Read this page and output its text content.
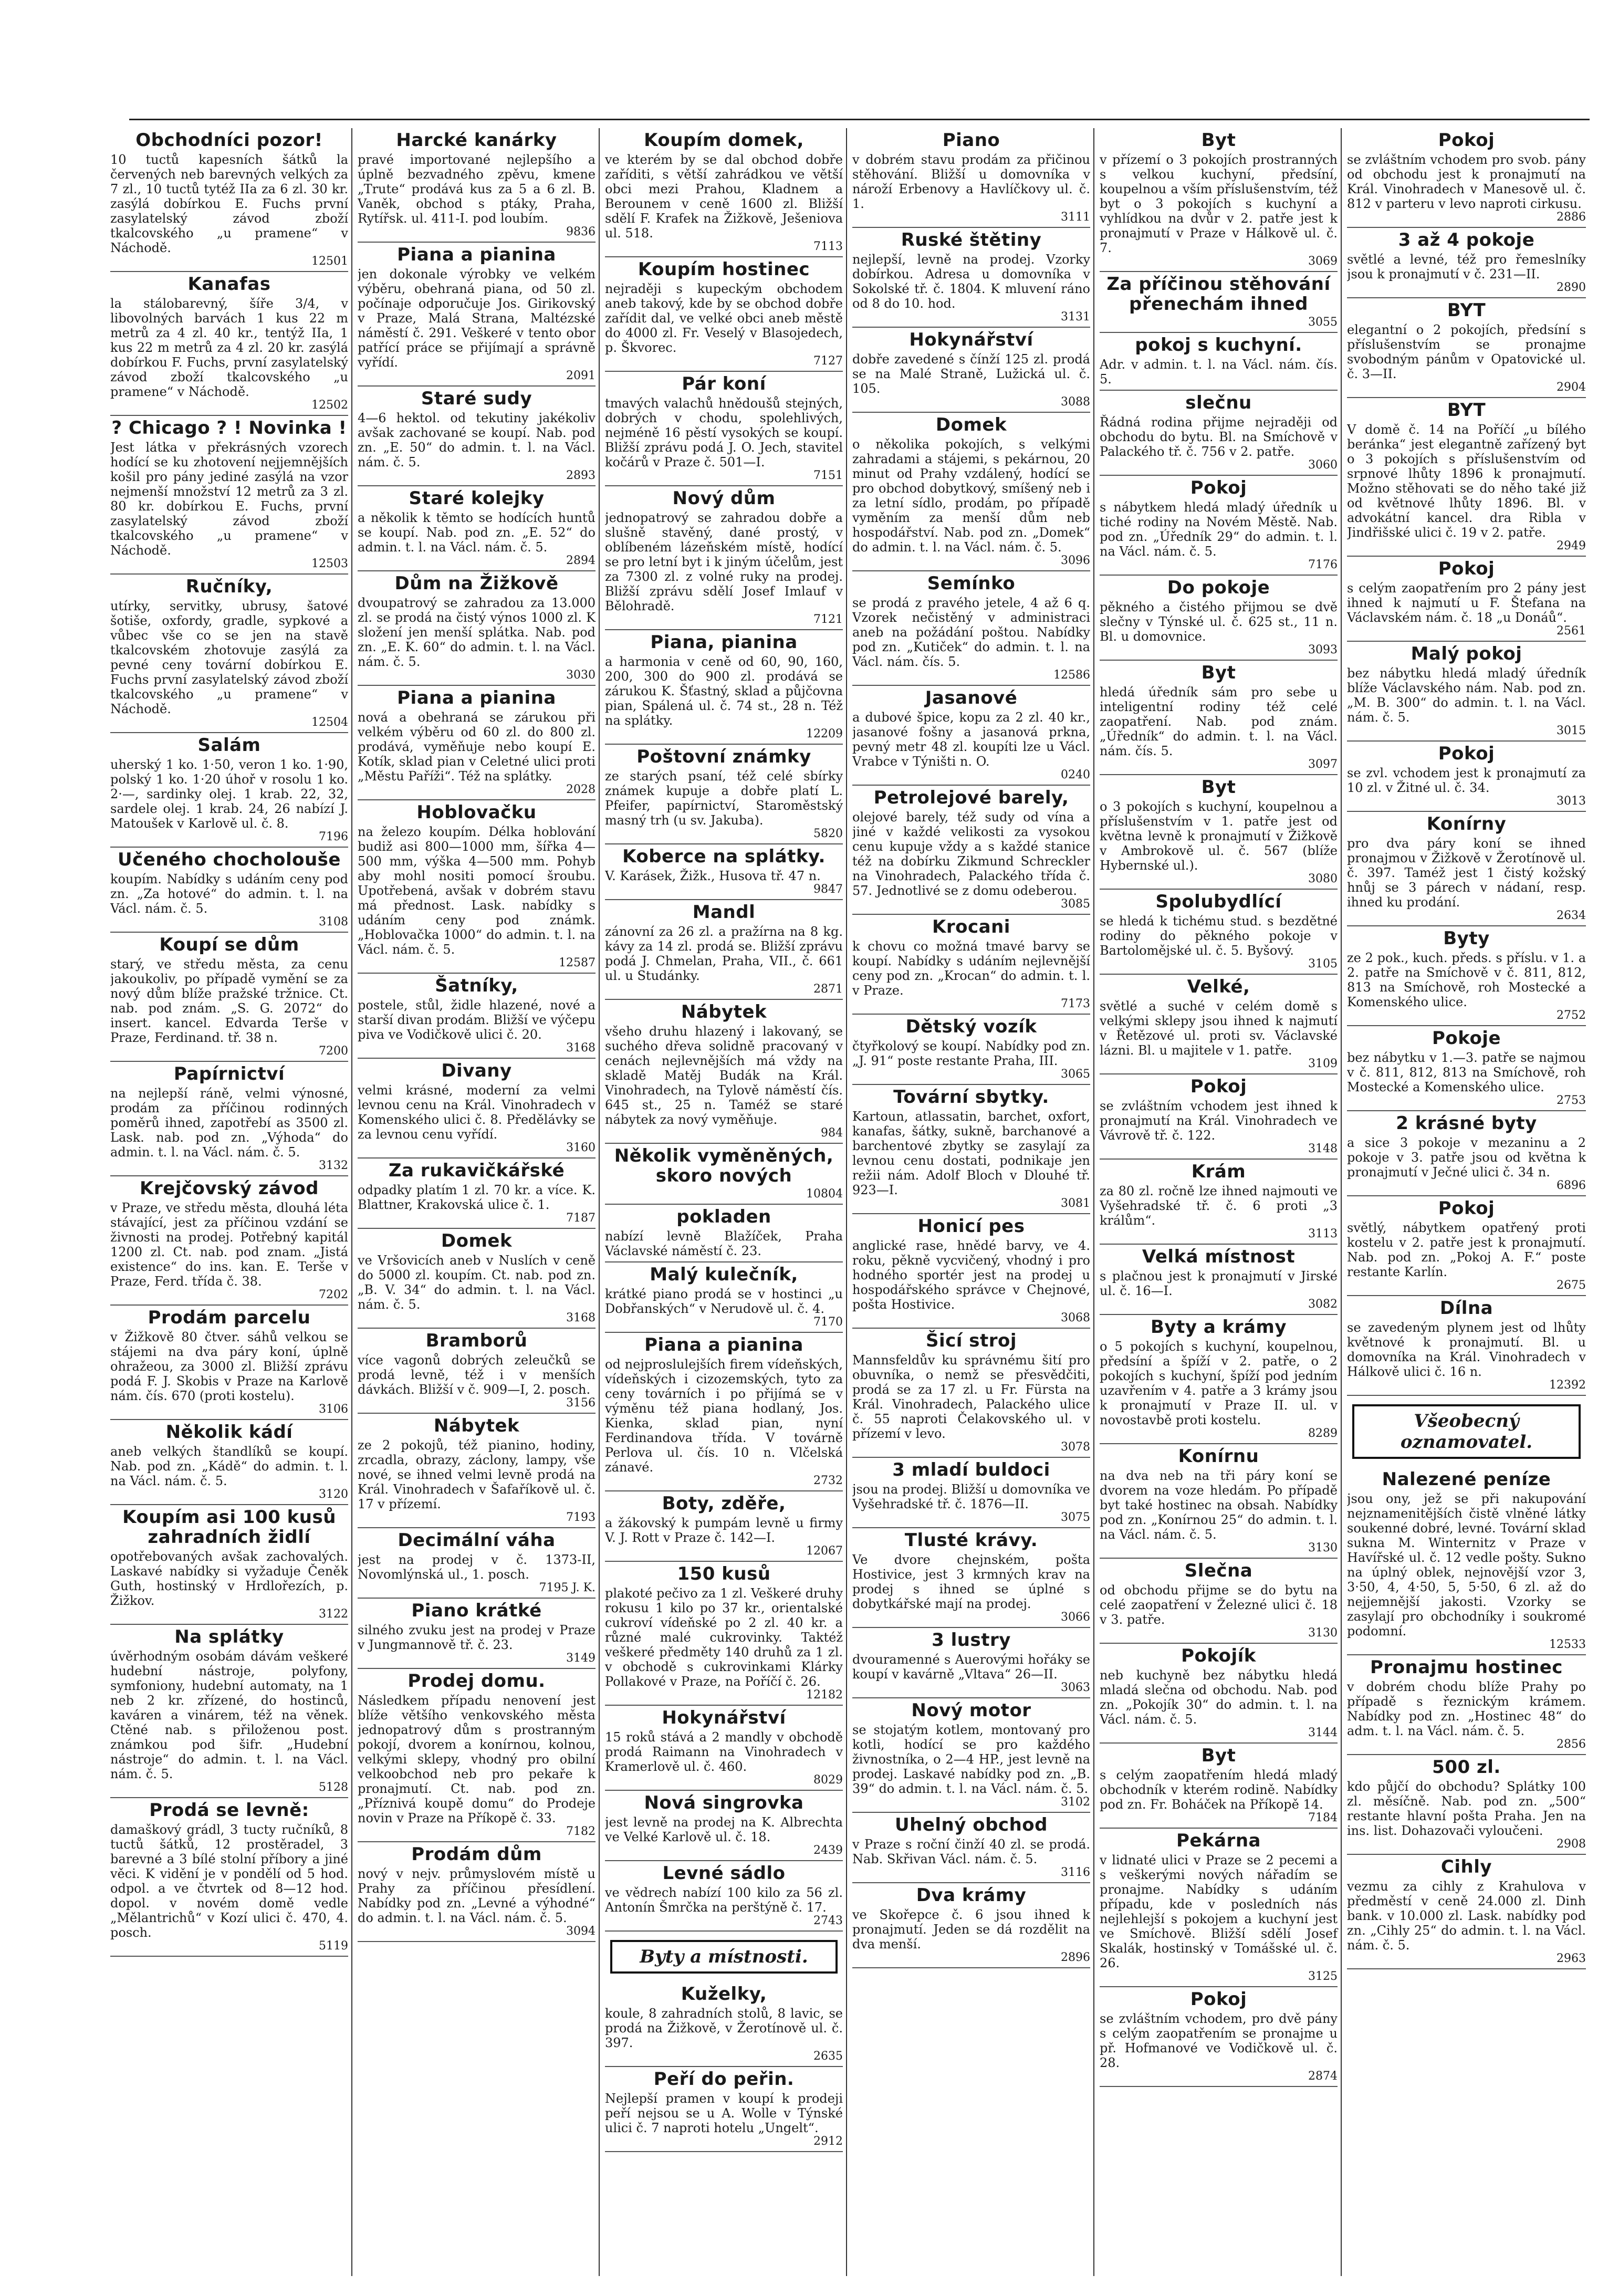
Obchodníci pozor!

10 tuctů kapesních šátků la červených neb barevných velkých za 7 zl., 10 tuctů tytéž IIa za 6 zl. 30 kr. zasýlá dobírkou E. Fuchs první zasylatelský závod zboží tkalcovského „u pramene“ v Náchodě.

12501
Kanafas

la stálobarevný, šíře 3/4, v libovolných barvách 1 kus 22 m metrů za 4 zl. 40 kr., tentýž IIa, 1 kus 22 m metrů za 4 zl. 20 kr. zasýlá dobírkou F. Fuchs, první zasylatelský závod zboží tkalcovského „u pramene“ v Náchodě.

12502
? Chicago ? ! Novinka !

Jest látka v překrásných vzorech hodící se ku zhotovení nejjemnějších košil pro pány jediné zasýlá na vzor nejmenší množství 12 metrů za 3 zl. 80 kr. dobírkou E. Fuchs, první zasylatelský závod zboží tkalcovského „u pramene“ v Náchodě.

12503
Ručníky,

utírky, servitky, ubrusy, šatové šotiše, oxfordy, gradle, sypkové a vůbec vše co se jen na stavě tkalcovském zhotovuje zasýlá za pevné ceny tovární dobírkou E. Fuchs první zasylatelský závod zboží tkalcovského „u pramene“ v Náchodě.

12504
Salám

uherský 1 ko. 1·50, veron 1 ko. 1·90, polský 1 ko. 1·20 úhoř v rosolu 1 ko. 2·—, sardinky olej. 1 krab. 22, 32, sardele olej. 1 krab. 24, 26 nabízí J. Matoušek v Karlově ul. č. 8.

7196
Učeného chocholouše

koupím. Nabídky s udáním ceny pod zn. „Za hotové“ do admin. t. l. na Václ. nám. č. 5.

3108
Koupí se dům

starý, ve středu města, za cenu jakoukoliv, po případě vymění se za nový dům blíže pražské tržnice. Ct. nab. pod znám. „S. G. 2072“ do insert. kancel. Edvarda Terše v Praze, Ferdinand. tř. 38 n.

7200
Papírnictví

na nejlepší ráně, velmi výnosné, prodám za příčinou rodinných poměrů ihned, zapotřebí as 3500 zl. Lask. nab. pod zn. „Výhoda“ do admin. t. l. na Václ. nám. č. 5.

3132
Krejčovský závod

v Praze, ve středu města, dlouhá léta stávající, jest za příčinou vzdání se živnosti na prodej. Potřebný kapitál 1200 zl. Ct. nab. pod znam. „Jistá existence“ do ins. kan. E. Terše v Praze, Ferd. třída č. 38.

7202
Prodám parcelu

v Žižkově 80 čtver. sáhů velkou se stájemi na dva páry koní, úplně ohražeou, za 3000 zl. Bližší zprávu podá F. J. Skobis v Praze na Karlově nám. čís. 670 (proti kostelu).

3106
Několik kádí

aneb velkých štandlíků se koupí. Nab. pod zn. „Kádě“ do admin. t. l. na Václ. nám. č. 5.

3120
Koupím asi 100 kusů zahradních židlí

opotřebovaných avšak zachovalých. Laskavé nabídky si vyžaduje Čeněk Guth, hostinský v Hrdlořezích, p. Žižkov.

3122
Na splátky

úvěrhodným osobám dávám veškeré hudební nástroje, polyfony, symfoniony, hudební automaty, na 1 neb 2 kr. zřízené, do hostinců, kaváren a vinárem, též na věnek. Ctěné nab. s přiloženou post. známkou pod šifr. „Hudební nástroje“ do admin. t. l. na Václ. nám. č. 5.

5128
Prodá se levně:

damaškový grádl, 3 tucty ručníků, 8 tuctů šátků, 12 prostěradel, 3 barevné a 3 bílé stolní příbory a jiné věci. K vidění je v pondělí od 5 hod. odpol. a ve čtvrtek od 8—12 hod. dopol. v novém domě vedle „Mělantrichů“ v Kozí ulici č. 470, 4. posch.

5119
Harcké kanárky

pravé importované nejlepšího a úplně bezvadného zpěvu, kmene „Trute“ prodává kus za 5 a 6 zl. B. Vaněk, obchod s ptáky, Praha, Rytířsk. ul. 411-I. pod loubím.

9836
Piana a pianina

jen dokonale výrobky ve velkém výběru, obehraná piana, od 50 zl. počínaje odporučuje Jos. Girikovský v Praze, Malá Strana, Maltézské náměstí č. 291. Veškeré v tento obor patřící práce se přijímají a správně vyřídí.

2091
Staré sudy

4—6 hektol. od tekutiny jakékoliv avšak zachované se koupí. Nab. pod zn. „E. 50“ do admin. t. l. na Václ. nám. č. 5.

2893
Staré kolejky

a několik k těmto se hodících huntů se koupí. Nab. pod zn. „E. 52“ do admin. t. l. na Václ. nám. č. 5.

2894
Dům na Žižkově

dvoupatrový se zahradou za 13.000 zl. se prodá na čistý výnos 1000 zl. K složení jen menší splátka. Nab. pod zn. „E. K. 60“ do admin. t. l. na Václ. nám. č. 5.

3030
Piana a pianina

nová a obehraná se zárukou při velkém výběru od 60 zl. do 800 zl. prodává, vyměňuje nebo koupí E. Kotík, sklad pian v Celetné ulici proti „Městu Paříži“. Též na splátky.

2028
Hoblovačku

na železo koupím. Délka hoblování budiž asi 800—1000 mm, šířka 4—500 mm, výška 4—500 mm. Pohyb aby mohl nositi pomocí šroubu. Upotřebená, avšak v dobrém stavu má přednost. Lask. nabídky s udáním ceny pod známk. „Hoblovačka 1000“ do admin. t. l. na Václ. nám. č. 5.

12587
Šatníky,

postele, stůl, židle hlazené, nové a starší divan prodám. Bližší ve výčepu piva ve Vodičkově ulici č. 20.

3168
Divany

velmi krásné, moderní za velmi levnou cenu na Král. Vinohradech v Komenského ulici č. 8. Předělávky se za levnou cenu vyřídí.

3160
Za rukavičkářské

odpadky platím 1 zl. 70 kr. a více. K. Blattner, Krakovská ulice č. 1.

7187
Domek

ve Vršovicích aneb v Nuslích v ceně do 5000 zl. koupím. Ct. nab. pod zn. „B. V. 34“ do admin. t. l. na Václ. nám. č. 5.

3168
Bramborů

více vagonů dobrých zeleučků se prodá levně, též i v menších dávkách. Bližší v č. 909—I, 2. posch.

3156
Nábytek

ze 2 pokojů, též pianino, hodiny, zrcadla, obrazy, záclony, lampy, vše nové, se ihned velmi levně prodá na Král. Vinohradech v Šafaříkově ul. č. 17 v přízemí.

7193
Decimální váha

jest na prodej v č. 1373-II, Novomlýnská ul., 1. posch.

7195 J. K.
Piano krátké

silného zvuku jest na prodej v Praze v Jungmannově tř. č. 23.

3149
Prodej domu.

Následkem případu nenovení jest blíže většího venkovského města jednopatrový dům s prostranným pokojí, dvorem a konírnou, kolnou, velkými sklepy, vhodný pro obilní velkoobchod neb pro pekaře k pronajmutí. Ct. nab. pod zn. „Příznivá koupě domu“ do Prodeje novin v Praze na Příkopě č. 33.

7182
Prodám dům

nový v nejv. průmyslovém místě u Prahy za příčinou přesídlení. Nabídky pod zn. „Levné a výhodné“ do admin. t. l. na Václ. nám. č. 5.

3094
Koupím domek,

ve kterém by se dal obchod dobře zaříditi, s větší zahrádkou ve větší obci mezi Prahou, Kladnem a Berounem v ceně 1600 zl. Bližší sdělí F. Krafek na Žižkově, Ješeniova ul. 518.

7113
Koupím hostinec

nejraději s kupeckým obchodem aneb takový, kde by se obchod dobře zařídit dal, ve velké obci aneb městě do 4000 zl. Fr. Veselý v Blasojedech, p. Škvorec.

7127
Pár koní

tmavých valachů hnědoušů stejných, dobrých v chodu, spolehlivých, nejméně 16 pěstí vysokých se koupí. Bližší zprávu podá J. O. Jech, stavitel kočárů v Praze č. 501—I.

7151
Nový dům

jednopatrový se zahradou dobře a slušně stavěný, dané prostý, v oblíbeném lázeňském místě, hodící se pro letní byt i k jiným účelům, jest za 7300 zl. z volné ruky na prodej. Bližší zprávu sdělí Josef Imlauf v Bělohradě.

7121
Piana, pianina

a harmonia v ceně od 60, 90, 160, 200, 300 do 900 zl. prodává se zárukou K. Šťastný, sklad a půjčovna pian, Spálená ul. č. 74 st., 28 n. Též na splátky.

12209
Poštovní známky

ze starých psaní, též celé sbírky známek kupuje a dobře platí L. Pfeifer, papírnictví, Staroměstský masný trh (u sv. Jakuba).

5820
Koberce na splátky.

V. Karásek, Žižk., Husova tř. 47 n.

9847
Mandl

zánovní za 26 zl. a pražírna na 8 kg. kávy za 14 zl. prodá se. Bližší zprávu podá J. Chmelan, Praha, VII., č. 661 ul. u Studánky.

2871
Nábytek

všeho druhu hlazený i lakovaný, se suchého dřeva solidně pracovaný v cenách nejlevnějších má vždy na skladě Matěj Budák na Král. Vinohradech, na Tylově náměstí čís. 645 st., 25 n. Taméž se staré nábytek za nový vyměňuje.

984
Několik vyměněných, skoro nových

10804
pokladen

nabízí levně Blažíček, Praha Václavské náměstí č. 23.

Malý kulečník,

krátké piano prodá se v hostinci „u Dobřanských“ v Nerudově ul. č. 4.

7170
Piana a pianina

od nejproslulejších firem vídeňských, vídeňských i cizozemských, tyto za ceny továrních i po přijímá se v výměnu též piana hodlaný, Jos. Kienka, sklad pian, nyní Ferdinandova třída. V továrně Perlova ul. čís. 10 n. Vlčelská zánavé.

2732
Boty, zděře,

a žákovský k pumpám levně u firmy V. J. Rott v Praze č. 142—I.

12067
150 kusů

plakoté pečivo za 1 zl. Veškeré druhy rokusu 1 kilo po 37 kr., orientalské cukroví vídeňské po 2 zl. 40 kr. a různé malé cukrovinky. Taktéž veškeré předměty 140 druhů za 1 zl. v obchodě s cukrovinkami Klárky Pollakové v Praze, na Poříčí č. 26.

12182
Hokynářství

15 roků stává a 2 mandly v obchodě prodá Raimann na Vinohradech v Kramerlově ul. č. 460.

8029
Nová singrovka

jest levně na prodej na K. Albrechta ve Velké Karlově ul. č. 18.

2439
Levné sádlo

ve vědrech nabízí 100 kilo za 56 zl. Antonín Šmrčka na perštýně č. 17.

2743
Byty a místnosti.
Kuželky,

koule, 8 zahradních stolů, 8 lavic, se prodá na Žižkově, v Žerotínově ul. č. 397.

2635
Peří do peřin.

Nejlepší pramen v koupí k prodeji peří nejsou se u A. Wolle v Týnské ulici č. 7 naproti hotelu „Ungelt“.

2912
Piano

v dobrém stavu prodám za přičinou stěhování. Bližší u domovníka v nároží Erbenovy a Havlíčkovy ul. č. 1.

3111
Ruské štětiny

nejlepší, levně na prodej. Vzorky dobírkou. Adresa u domovníka v Sokolské tř. č. 1804. K mluvení ráno od 8 do 10. hod.

3131
Hokynářství

dobře zavedené s čínží 125 zl. prodá se na Malé Straně, Lužická ul. č. 105.

3088
Domek

o několika pokojích, s velkými zahradami a stájemi, s pekárnou, 20 minut od Prahy vzdálený, hodící se pro obchod dobytkový, smíšený neb i za letní sídlo, prodám, po případě vyměním za menší dům neb hospodářství. Nab. pod zn. „Domek“ do admin. t. l. na Václ. nám. č. 5.

3096
Semínko

se prodá z pravého jetele, 4 až 6 q. Vzorek nečistěný v administraci aneb na požádání poštou. Nabídky pod zn. „Kutiček“ do admin. t. l. na Václ. nám. čís. 5.

12586
Jasanové

a dubové špice, kopu za 2 zl. 40 kr., jasanové fošny a jasanová prkna, pevný metr 48 zl. koupíti lze u Václ. Vrabce v Týništi n. O.

0240
Petrolejové barely,

olejové barely, též sudy od vína a jiné v každé velikosti za vysokou cenu kupuje vždy a s každé stanice též na dobírku Zikmund Schreckler na Vinohradech, Palackého třída č. 57. Jednotlivé se z domu odeberou.

3085
Krocani

k chovu co možná tmavé barvy se koupí. Nabídky s udáním nejlevnější ceny pod zn. „Krocan“ do admin. t. l. v Praze.

7173
Dětský vozík

čtyřkolový se koupí. Nabídky pod zn. „J. 91“ poste restante Praha, III.

3065
Tovární sbytky.

Kartoun, atlassatin, barchet, oxfort, kanafas, šátky, sukně, barchanové a barchentové zbytky se zasylají za levnou cenu dostati, podnikaje jen režii nám. Adolf Bloch v Dlouhé tř. 923—I.

3081
Honicí pes

anglické rase, hnědé barvy, ve 4. roku, pěkně vycvičený, vhodný i pro hodného sportér jest na prodej u hospodářského správce v Chejnové, pošta Hostivice.

3068
Šicí stroj

Mannsfeldův ku správnému šití pro obuvníka, o nemž se přesvědčiti, prodá se za 17 zl. u Fr. Fürsta na Král. Vinohradech, Palackého ulice č. 55 naproti Čelakovského ul. v přízemí v levo.

3078
3 mladí buldoci

jsou na prodej. Bližší u domovníka ve Vyšehradské tř. č. 1876—II.

3075
Tlusté krávy.

Ve dvore chejnském, pošta Hostivice, jest 3 krmných krav na prodej s ihned se úplné s dobytkářské mají na prodej.

3066
3 lustry

dvouramenné s Auerovými hořáky se koupí v kavárně „Vltava“ 26—II.

3063
Nový motor

se stojatým kotlem, montovaný pro kotli, hodící se pro každého živnostníka, o 2—4 HP., jest levně na prodej. Laskavé nabídky pod zn. „B. 39“ do admin. t. l. na Václ. nám. č. 5.

3102
Uhelný obchod

v Praze s roční činží 40 zl. se prodá. Nab. Skřivan Václ. nám. č. 5.

3116
Dva krámy

ve Skořepce č. 6 jsou ihned k pronajmutí. Jeden se dá rozdělit na dva menší.

2896
Byt

v přízemí o 3 pokojích prostranných s velkou kuchyní, předsíní, koupelnou a vším příslušenstvím, též byt o 3 pokojích s kuchyní a vyhlídkou na dvůr v 2. patře jest k pronajmutí v Praze v Hálkově ul. č. 7.

3069
Za příčinou stěhování přenechám ihned

3055
pokoj s kuchyní.

Adr. v admin. t. l. na Václ. nám. čís. 5.

slečnu

Řádná rodina přijme nejraději od obchodu do bytu. Bl. na Smíchově v Palackého tř. č. 756 v 2. patře.

3060
Pokoj

s nábytkem hledá mladý úředník u tiché rodiny na Novém Městě. Nab. pod zn. „Úředník 29“ do admin. t. l. na Václ. nám. č. 5.

7176
Do pokoje

pěkného a čistého přijmou se dvě slečny v Týnské ul. č. 625 st., 11 n. Bl. u domovnice.

3093
Byt

hledá úředník sám pro sebe u inteligentní rodiny též celé zaopatření. Nab. pod znám. „Úředník“ do admin. t. l. na Václ. nám. čís. 5.

3097
Byt

o 3 pokojích s kuchyní, koupelnou a příslušenstvím v 1. patře jest od května levně k pronajmutí v Žižkově v Ambrokově ul. č. 567 (blíže Hybernské ul.).

3080
Spolubydlící

se hledá k tichému stud. s bezdětné rodiny do pěkného pokoje v Bartolomějské ul. č. 5. Byšový.

3105
Velké,

světlé a suché v celém domě s velkými sklepy jsou ihned k najmutí v Řetězové ul. proti sv. Václavské lázni. Bl. u majitele v 1. patře.

3109
Pokoj

se zvláštním vchodem jest ihned k pronajmutí na Král. Vinohradech ve Vávrově tř. č. 122.

3148
Krám

za 80 zl. ročně lze ihned najmouti ve Vyšehradské tř. č. 6 proti „3 králům“.

3113
Velká místnost

s plačnou jest k pronajmutí v Jirské ul. č. 16—I.

3082
Byty a krámy

o 5 pokojích s kuchyní, koupelnou, předsíní a špíží v 2. patře, o 2 pokojích s kuchyní, špíží pod jedním uzavřením v 4. patře a 3 krámy jsou k pronajmutí v Praze II. ul. v novostavbě proti kostelu.

8289
Konírnu

na dva neb na tři páry koní se dvorem na voze hledám. Po případě byt také hostinec na obsah. Nabídky pod zn. „Konírnou 25“ do admin. t. l. na Václ. nám. č. 5.

3130
Slečna

od obchodu přijme se do bytu na celé zaopatření v Železné ulici č. 18 v 3. patře.

3130
Pokojík

neb kuchyně bez nábytku hledá mladá slečna od obchodu. Nab. pod zn. „Pokojík 30“ do admin. t. l. na Václ. nám. č. 5.

3144
Byt

s celým zaopatřením hledá mladý obchodník v kterém rodině. Nabídky pod zn. Fr. Boháček na Příkopě 14.

7184
Pekárna

v lidnaté ulici v Praze se 2 pecemi a s veškerými nových nářadím se pronajme. Nabídky s udáním případu, kde v posledních nás nejlehlejší s pokojem a kuchyní jest ve Smíchově. Bližší sdělí Josef Skalák, hostinský v Tomášské ul. č. 26.

3125
Pokoj

se zvláštním vchodem, pro dvě pány s celým zaopatřením se pronajme u př. Hofmanové ve Vodičkově ul. č. 28.

2874
Pokoj

se zvláštním vchodem pro svob. pány od obchodu jest k pronajmutí na Král. Vinohradech v Manesově ul. č. 812 v parteru v levo naproti cirkusu.

2886
3 až 4 pokoje

světlé a levné, též pro řemeslníky jsou k pronajmutí v č. 231—II.

2890
BYT

elegantní o 2 pokojích, předsíní s příslušenstvím se pronajme svobodným pánům v Opatovické ul. č. 3—II.

2904
BYT

V domě č. 14 na Poříčí „u bílého beránka“ jest elegantně zařízený byt o 3 pokojích s příslušenstvím od srpnové lhůty 1896 k pronajmutí. Možno stěhovati se do něho také již od květnové lhůty 1896. Bl. v advokátní kancel. dra Ribla v Jindřišské ulici č. 19 v 2. patře.

2949
Pokoj

s celým zaopatřením pro 2 pány jest ihned k najmutí u F. Štefana na Václavském nám. č. 18 „u Donáů“.

2561
Malý pokoj

bez nábytku hledá mladý úředník blíže Václavského nám. Nab. pod zn. „M. B. 300“ do admin. t. l. na Václ. nám. č. 5.

3015
Pokoj

se zvl. vchodem jest k pronajmutí za 10 zl. v Žitné ul. č. 34.

3013
Konírny

pro dva páry koní se ihned pronajmou v Žižkově v Žerotínově ul. č. 397. Taméž jest 1 čistý kožský hnůj se 3 párech v nádaní, resp. ihned ku prodání.

2634
Byty

ze 2 pok., kuch. předs. s příslu. v 1. a 2. patře na Smíchově v č. 811, 812, 813 na Smíchově, roh Mostecké a Komenského ulice.

2752
Pokoje

bez nábytku v 1.—3. patře se najmou v č. 811, 812, 813 na Smíchově, roh Mostecké a Komenského ulice.

2753
2 krásné byty

a sice 3 pokoje v mezaninu a 2 pokoje v 3. patře jsou od května k pronajmutí v Ječné ulici č. 34 n.

6896
Pokoj

světlý, nábytkem opatřený proti kostelu v 2. patře jest k pronajmutí. Nab. pod zn. „Pokoj A. F.“ poste restante Karlín.

2675
Dílna

se zavedeným plynem jest od lhůty květnové k pronajmutí. Bl. u domovníka na Král. Vinohradech v Hálkově ulici č. 16 n.

12392
Všeobecný oznamovatel.
Nalezené peníze

jsou ony, jež se při nakupování nejznamenitějších čistě vlněné látky soukenné dobré, levné. Tovární sklad sukna M. Winternitz v Praze v Havířské ul. č. 12 vedle pošty. Sukno na úplný oblek, nejnovější vzor 3, 3·50, 4, 4·50, 5, 5·50, 6 zl. až do nejjemnější jakosti. Vzorky se zasylají pro obchodníky i soukromé podomní.

12533
Pronajmu hostinec

v dobrém chodu blíže Prahy po případě s řeznickým krámem. Nabídky pod zn. „Hostinec 48“ do adm. t. l. na Václ. nám. č. 5.

2856
500 zl.

kdo půjčí do obchodu? Splátky 100 zl. měsíčně. Nab. pod zn. „500“ restante hlavní pošta Praha. Jen na ins. list. Dohazovači vyloučeni.

2908
Cihly

vezmu za cihly z Krahulova v předměstí v ceně 24.000 zl. Dinh bank. v 10.000 zl. Lask. nabídky pod zn. „Cihly 25“ do admin. t. l. na Václ. nám. č. 5.

2963
